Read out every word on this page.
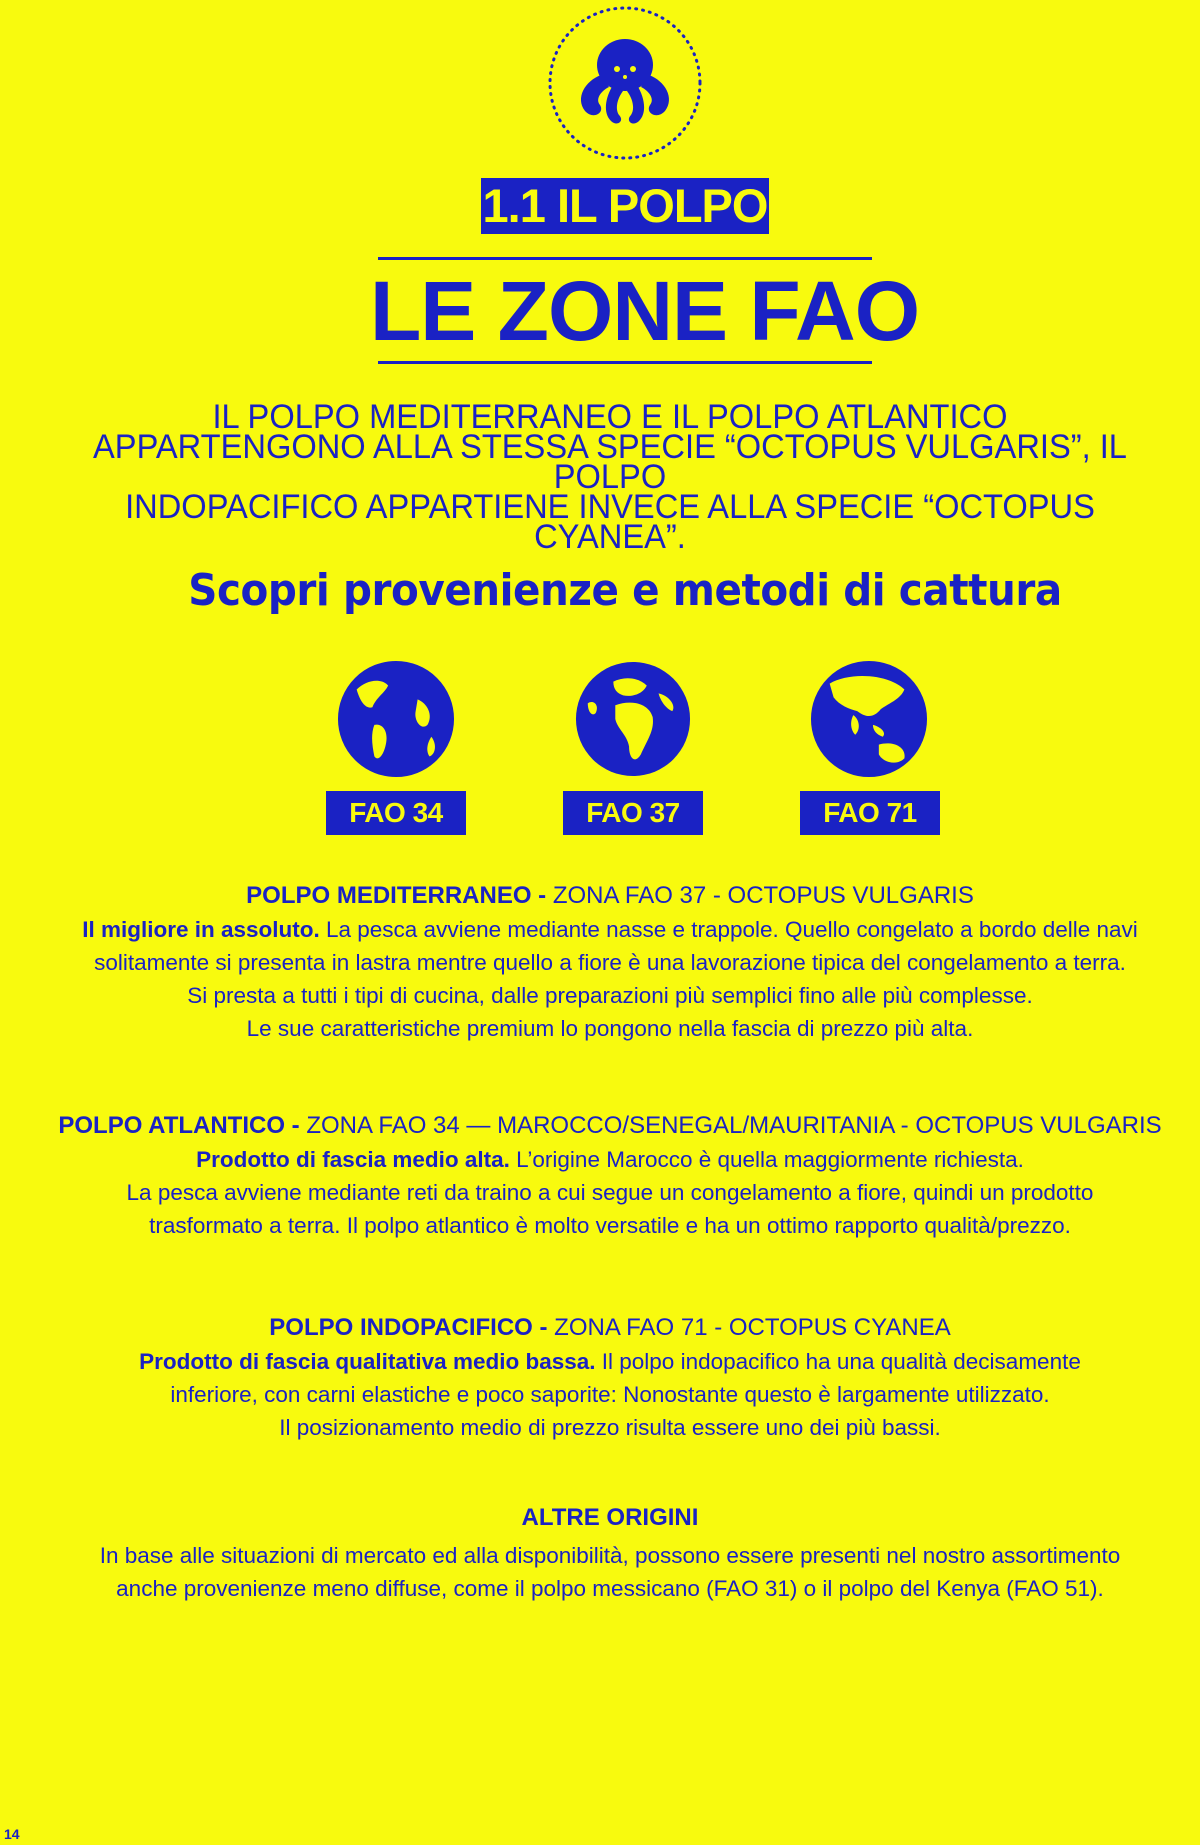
1.1 IL POLPO
LE ZONE FAO
IL POLPO MEDITERRANEO E IL POLPO ATLANTICO
APPARTENGONO ALLA STESSA SPECIE “OCTOPUS VULGARIS”, IL POLPO
INDOPACIFICO APPARTIENE INVECE ALLA SPECIE “OCTOPUS CYANEA”.
Scopri provenienze e metodi di cattura
FAO 34	FAO 37	FAO 71
POLPO MEDITERRANEO - ZONA FAO 37 - OCTOPUS VULGARIS

Il migliore in assoluto. La pesca avviene mediante nasse e trappole. Quello congelato a bordo delle navi

solitamente si presenta in lastra mentre quello a fiore è una lavorazione tipica del congelamento a terra.

Si presta a tutti i tipi di cucina, dalle preparazioni più semplici fino alle più complesse.

Le sue caratteristiche premium lo pongono nella fascia di prezzo più alta.

POLPO ATLANTICO - ZONA FAO 34 — MAROCCO/SENEGAL/MAURITANIA - OCTOPUS VULGARIS

Prodotto di fascia medio alta. L’origine Marocco è quella maggiormente richiesta.

La pesca avviene mediante reti da traino a cui segue un congelamento a fiore, quindi un prodotto

trasformato a terra. Il polpo atlantico è molto versatile e ha un ottimo rapporto qualità/prezzo.

POLPO INDOPACIFICO - ZONA FAO 71 - OCTOPUS CYANEA

Prodotto di fascia qualitativa medio bassa. Il polpo indopacifico ha una qualità decisamente

inferiore, con carni elastiche e poco saporite: Nonostante questo è largamente utilizzato.

Il posizionamento medio di prezzo risulta essere uno dei più bassi.

ALTRE ORIGINI

In base alle situazioni di mercato ed alla disponibilità, possono essere presenti nel nostro assortimento

anche provenienze meno diffuse, come il polpo messicano (FAO 31) o il polpo del Kenya (FAO 51).

14
